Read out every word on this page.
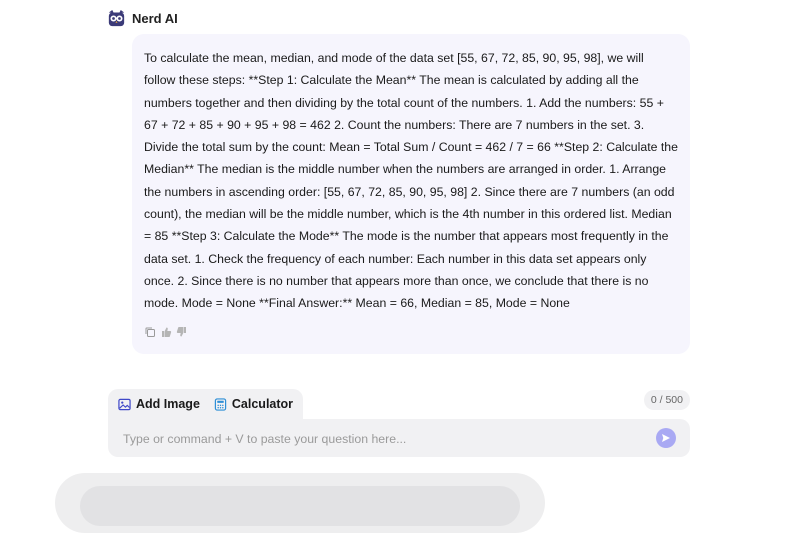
Nerd AI

To calculate the mean, median, and mode of the data set [55, 67, 72, 85, 90, 95, 98], we will follow these steps: **Step 1: Calculate the Mean** The mean is calculated by adding all the numbers together and then dividing by the total count of the numbers. 1. Add the numbers: 55 + 67 + 72 + 85 + 90 + 95 + 98 = 462 2. Count the numbers: There are 7 numbers in the set. 3. Divide the total sum by the count: Mean = Total Sum / Count = 462 / 7 = 66 **Step 2: Calculate the Median** The median is the middle number when the numbers are arranged in order. 1. Arrange the numbers in ascending order: [55, 67, 72, 85, 90, 95, 98] 2. Since there are 7 numbers (an odd count), the median will be the middle number, which is the 4th number in this ordered list. Median = 85 **Step 3: Calculate the Mode** The mode is the number that appears most frequently in the data set. 1. Check the frequency of each number: Each number in this data set appears only once. 2. Since there is no number that appears more than once, we conclude that there is no mode. Mode = None **Final Answer:** Mean = 66, Median = 85, Mode = None

Add Image	Calculator	0 / 500
Type or command + V to paste your question here...
